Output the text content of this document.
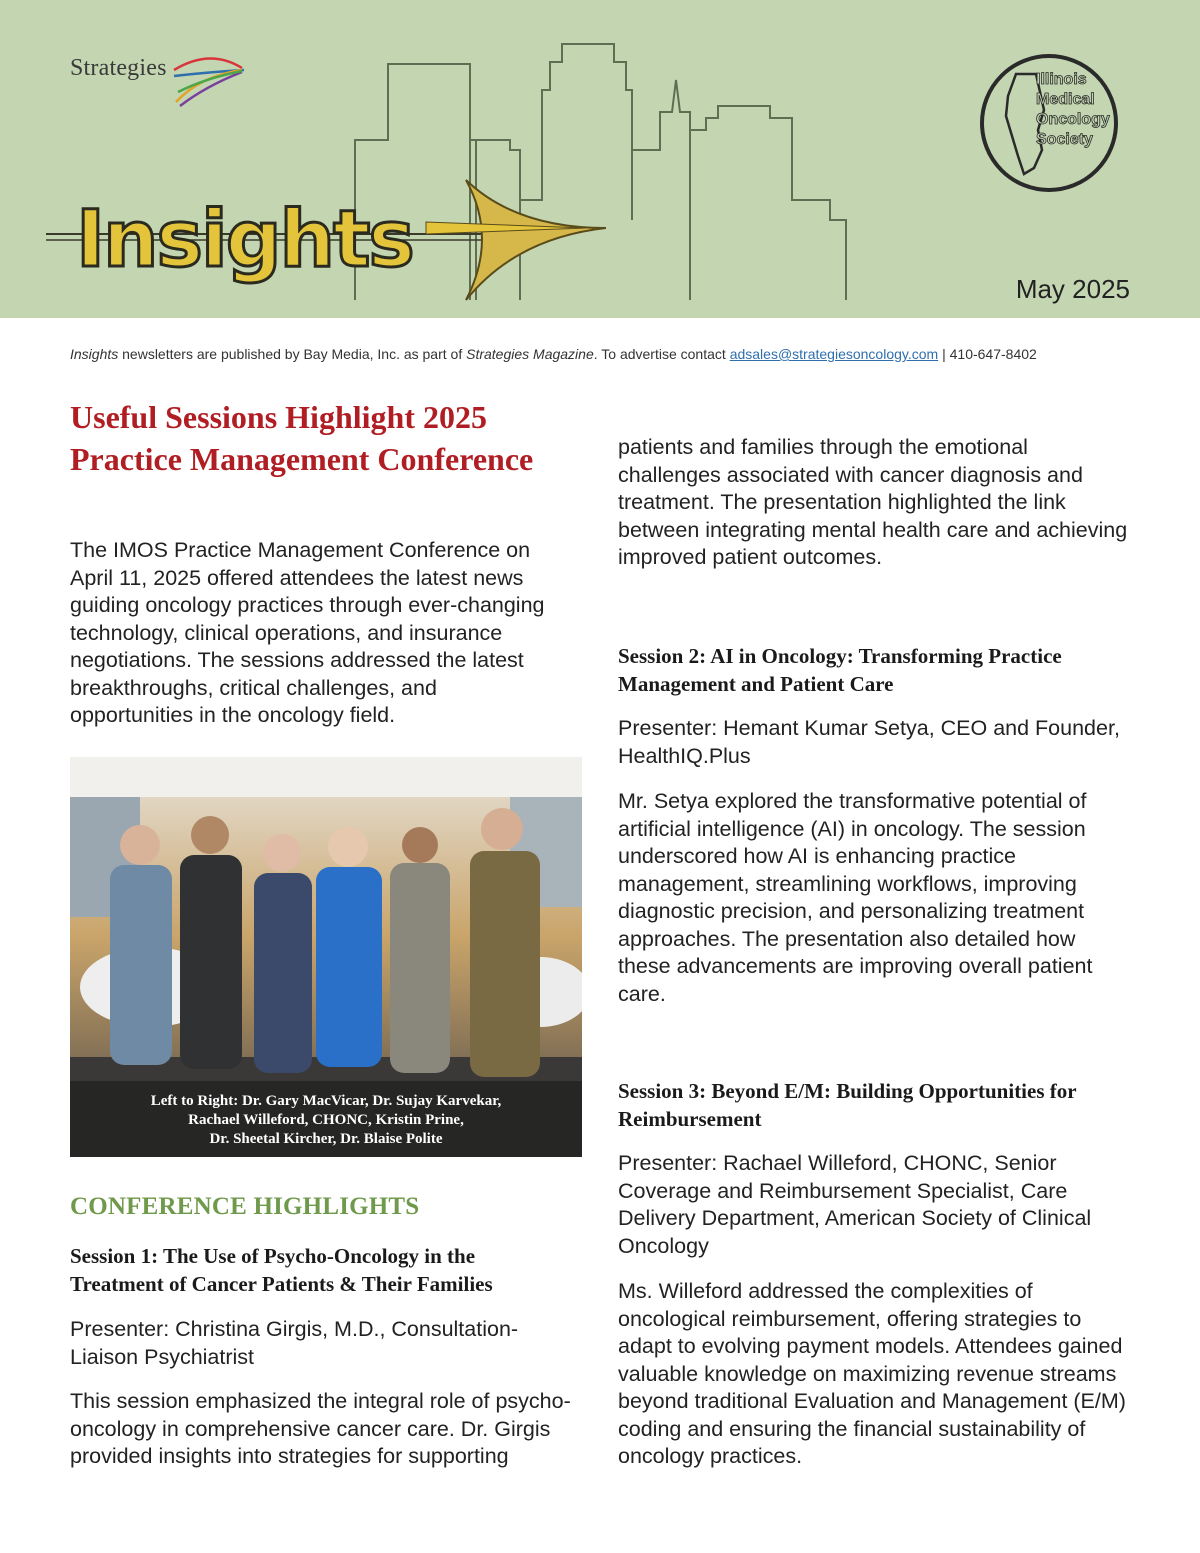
Strategies
Insights
Illinois
Medical
Oncology
Society
May 2025
Insights newsletters are published by Bay Media, Inc. as part of Strategies Magazine. To advertise contact adsales@strategiesoncology.com | 410-647-8402
Useful Sessions Highlight 2025 Practice Management Conference

The IMOS Practice Management Conference on April 11, 2025 offered attendees the latest news guiding oncology practices through ever-changing technology, clinical operations, and insurance negotiations. The sessions addressed the latest breakthroughs, critical challenges, and opportunities in the oncology field.

Left to Right: Dr. Gary MacVicar, Dr. Sujay Karvekar,
Rachael Willeford, CHONC, Kristin Prine,
Dr. Sheetal Kircher, Dr. Blaise Polite
CONFERENCE HIGHLIGHTS
Session 1: The Use of Psycho-Oncology in the Treatment of Cancer Patients & Their Families

Presenter: Christina Girgis, M.D., Consultation-Liaison Psychiatrist

This session emphasized the integral role of psycho-oncology in comprehensive cancer care. Dr. Girgis provided insights into strategies for supporting

patients and families through the emotional challenges associated with cancer diagnosis and treatment. The presentation highlighted the link between integrating mental health care and achieving improved patient outcomes.

Session 2: AI in Oncology: Transforming Practice Management and Patient Care

Presenter: Hemant Kumar Setya, CEO and Founder, HealthIQ.Plus

Mr. Setya explored the transformative potential of artificial intelligence (AI) in oncology. The session underscored how AI is enhancing practice management, streamlining workflows, improving diagnostic precision, and personalizing treatment approaches. The presentation also detailed how these advancements are improving overall patient care.

Session 3: Beyond E/M: Building Opportunities for Reimbursement

Presenter: Rachael Willeford, CHONC, Senior Coverage and Reimbursement Specialist, Care Delivery Department, American Society of Clinical Oncology

Ms. Willeford addressed the complexities of oncological reimbursement, offering strategies to adapt to evolving payment models. Attendees gained valuable knowledge on maximizing revenue streams beyond traditional Evaluation and Management (E/M) coding and ensuring the financial sustainability of oncology practices.
